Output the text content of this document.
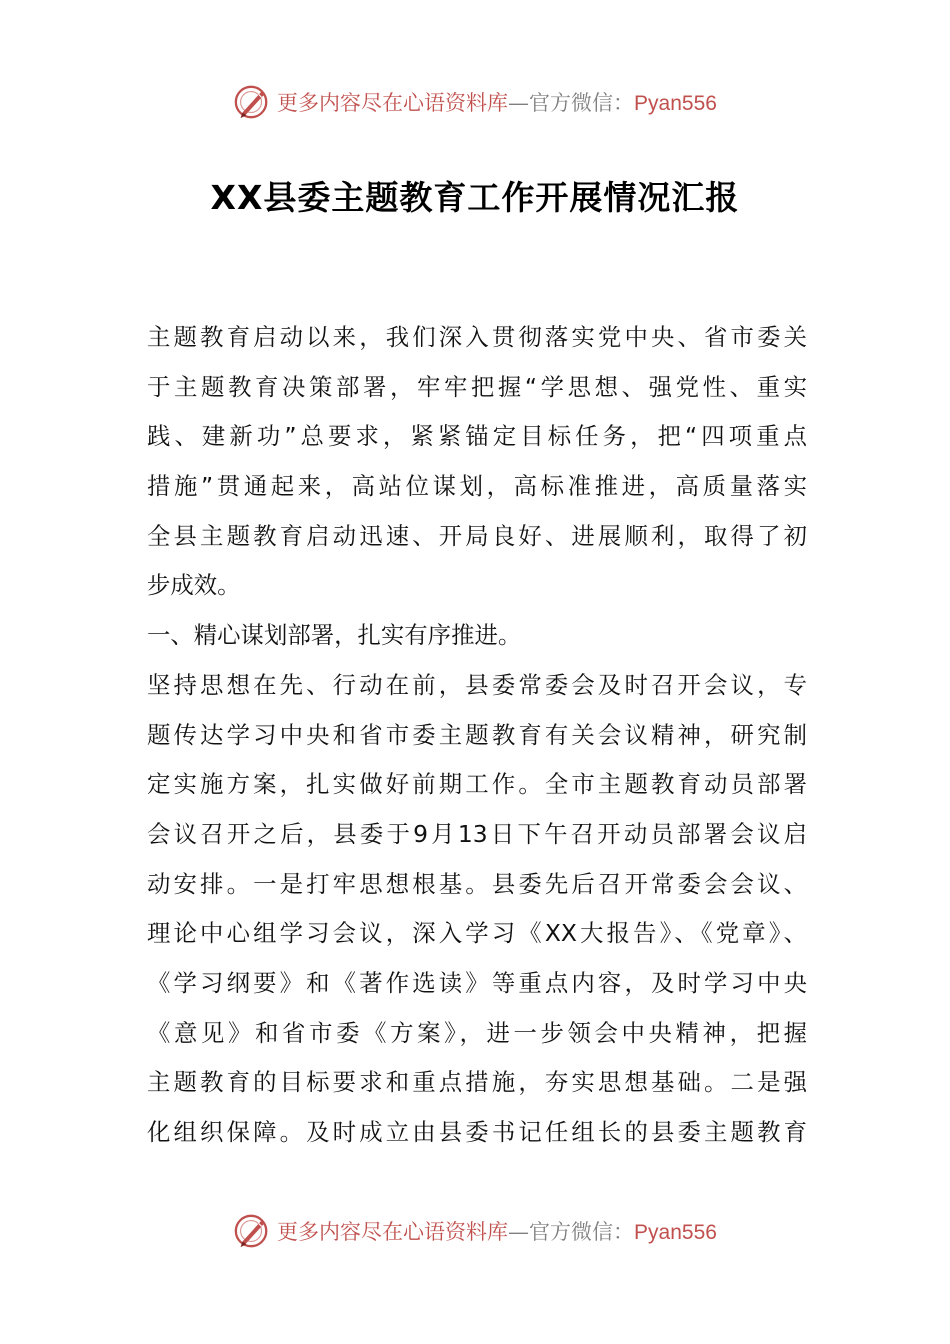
更多内容尽在心语资料库—官方微信：Pyan556
XX县委主题教育工作开展情况汇报
主题教育启动以来，我们深入贯彻落实党中央、省市委关
于主题教育决策部署，牢牢把握“学思想、强党性、重实
践、建新功”总要求，紧紧锚定目标任务，把“四项重点
措施”贯通起来，高站位谋划，高标准推进，高质量落实
全县主题教育启动迅速、开局良好、进展顺利，取得了初
步成效。
一、精心谋划部署，扎实有序推进。
坚持思想在先、行动在前，县委常委会及时召开会议，专
题传达学习中央和省市委主题教育有关会议精神，研究制
定实施方案，扎实做好前期工作。全市主题教育动员部署
会议召开之后，县委于9月13日下午召开动员部署会议启
动安排。一是打牢思想根基。县委先后召开常委会会议、
理论中心组学习会议，深入学习《XX大报告》、《党章》、
《学习纲要》和《著作选读》等重点内容，及时学习中央
《意见》和省市委《方案》，进一步领会中央精神，把握
主题教育的目标要求和重点措施，夯实思想基础。二是强
化组织保障。及时成立由县委书记任组长的县委主题教育
更多内容尽在心语资料库—官方微信：Pyan556
